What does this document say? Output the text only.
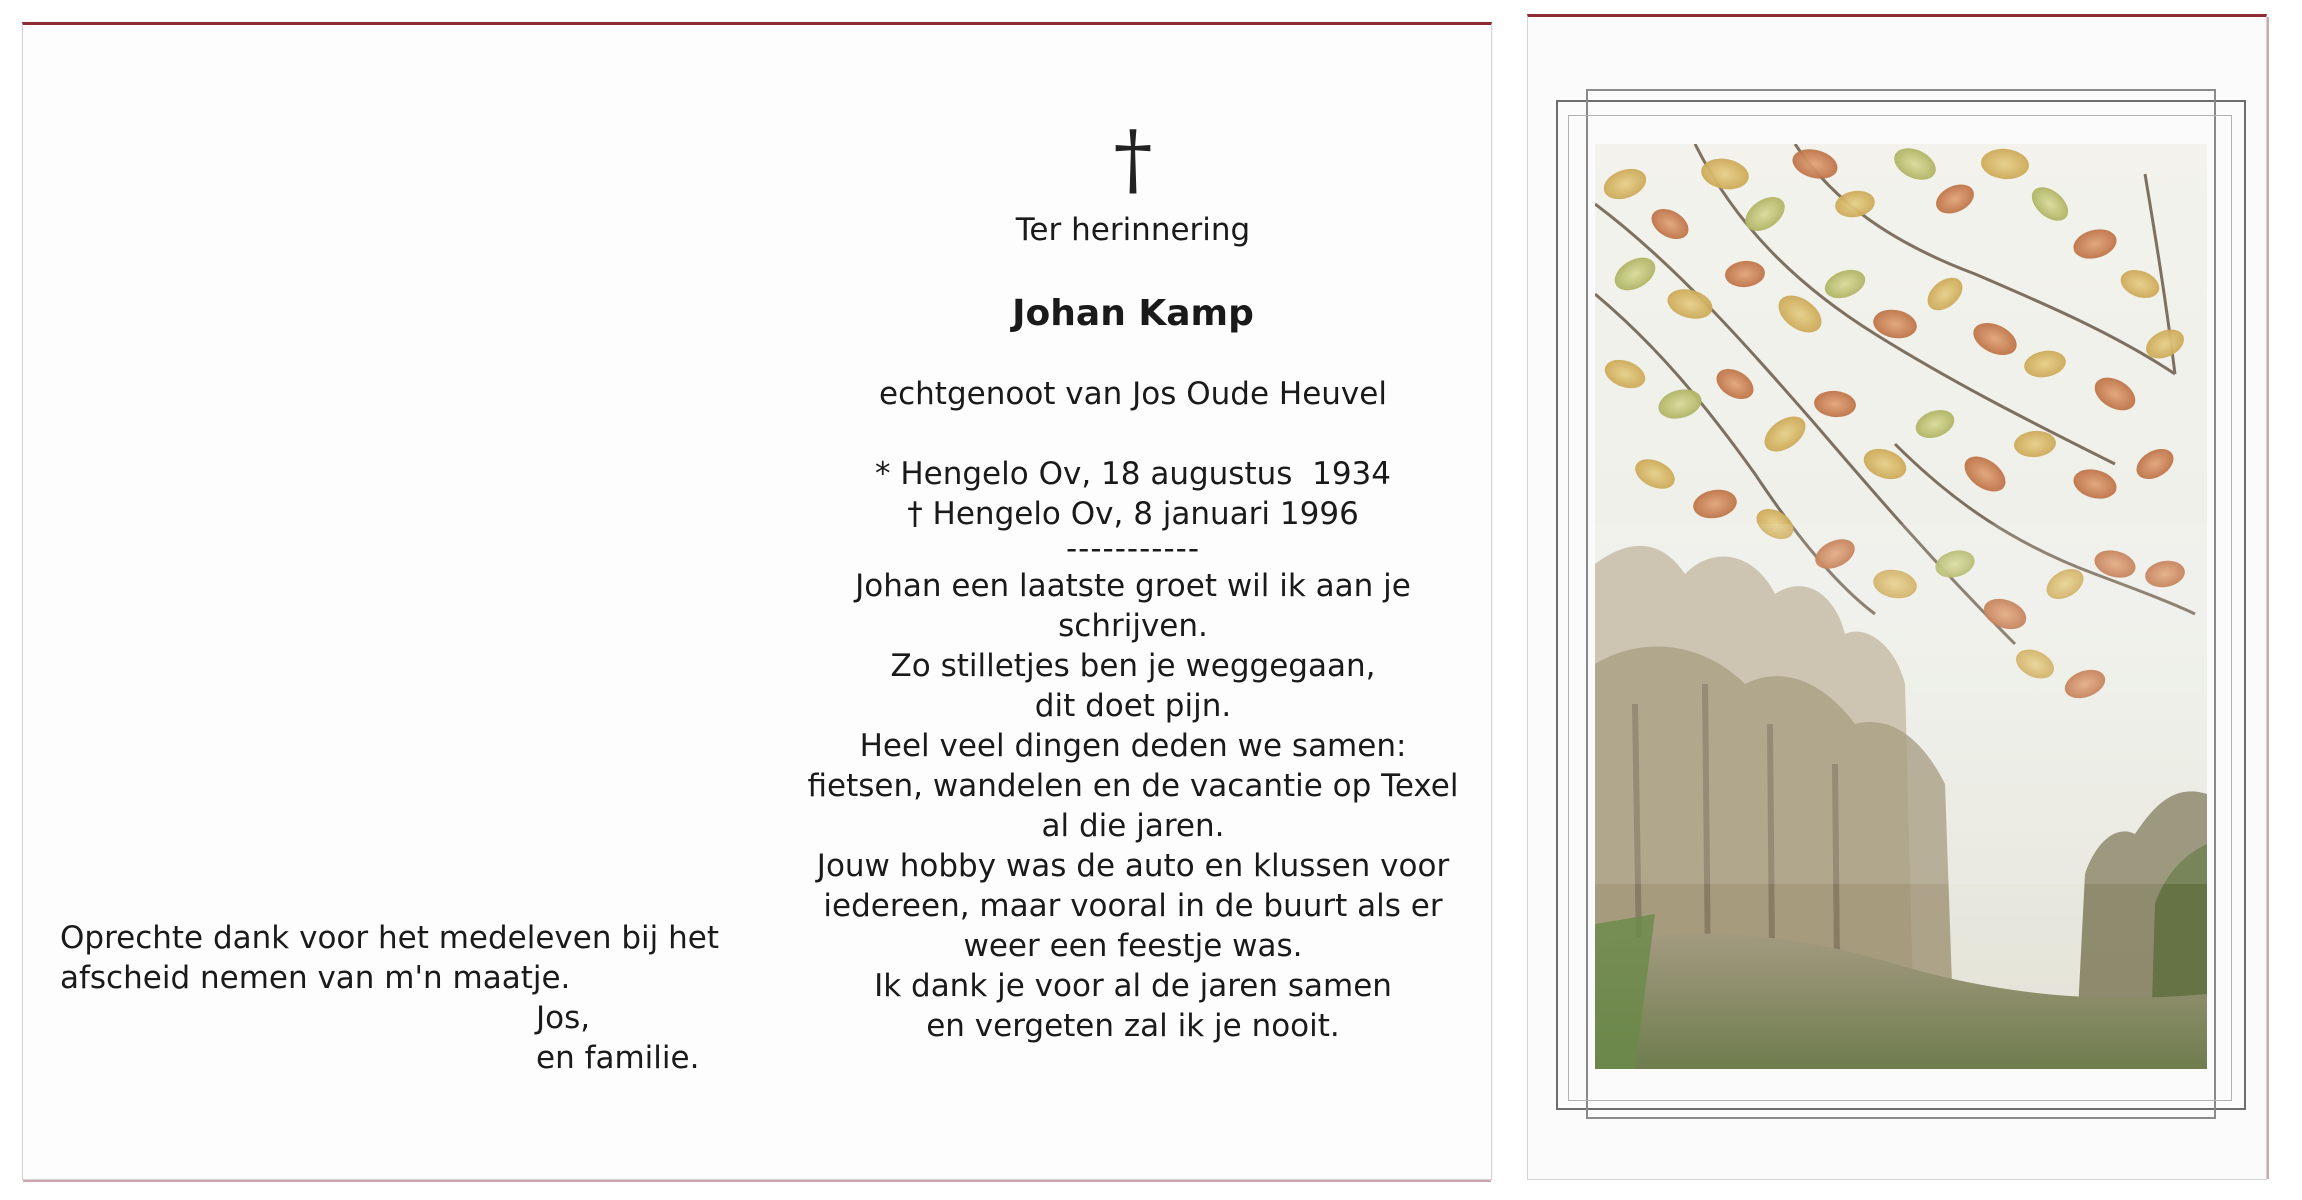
†
Ter herinnering
Johan Kamp
echtgenoot van Jos Oude Heuvel
* Hengelo Ov, 18 augustus  1934
† Hengelo Ov, 8 januari 1996
-----------
Johan een laatste groet wil ik aan je
schrijven.
Zo stilletjes ben je weggegaan,
dit doet pijn.
Heel veel dingen deden we samen:
fietsen, wandelen en de vacantie op Texel
al die jaren.
Jouw hobby was de auto en klussen voor
iedereen, maar vooral in de buurt als er
weer een feestje was.
Ik dank je voor al de jaren samen
en vergeten zal ik je nooit.
Oprechte dank voor het medeleven bij het
afscheid nemen van m'n maatje.
Jos,
en familie.
